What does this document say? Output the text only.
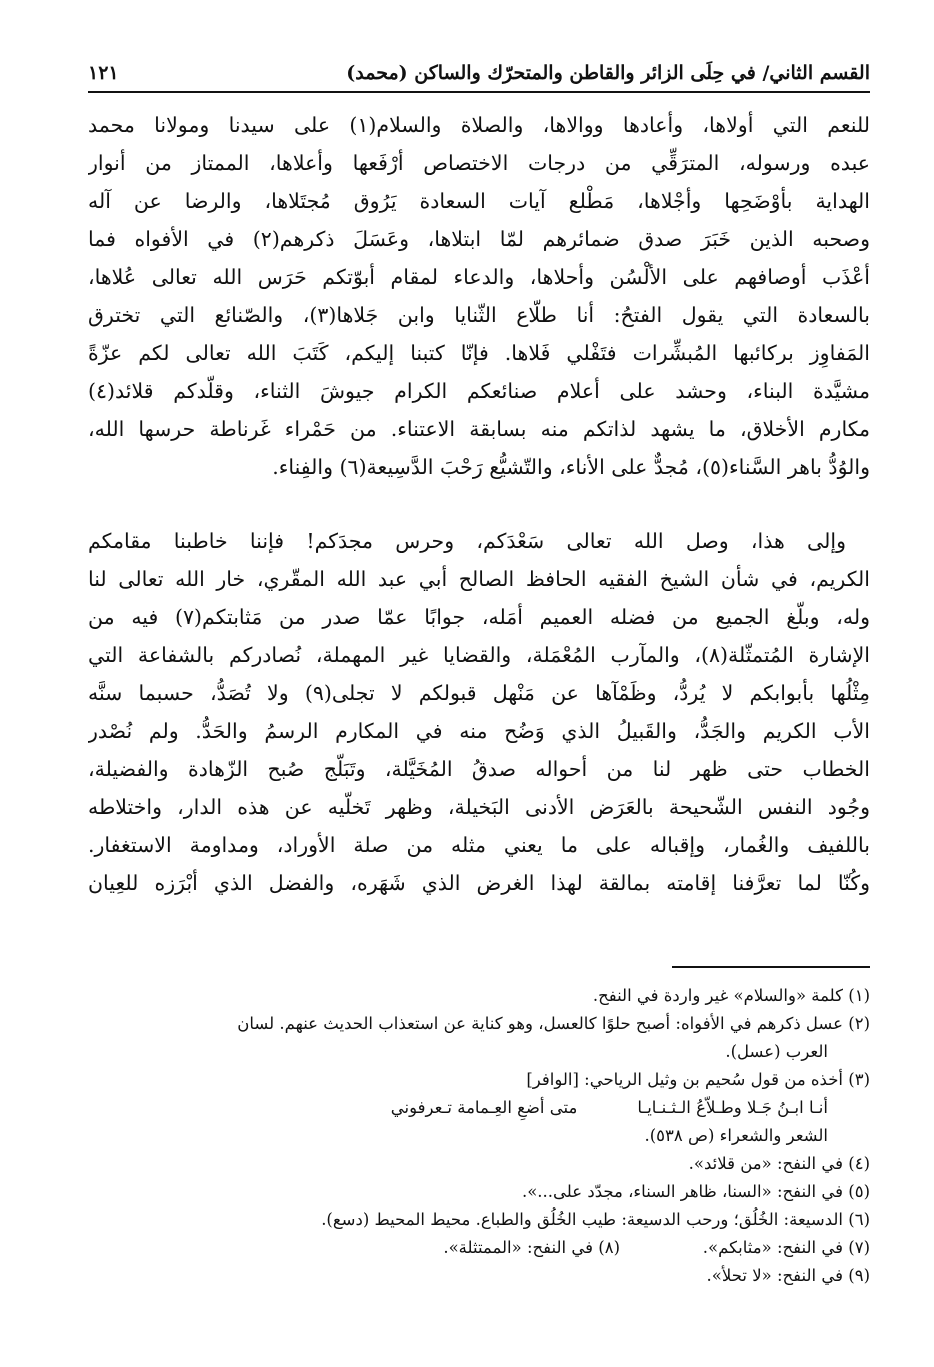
القسم الثاني/ في حِلَى الزائر والقاطن والمتحرّك والساكن (محمد)
١٢١
للنعم التي أولاها، وأعادها ووالاها، والصلاة والسلام(١) على سيدنا ومولانا محمد
عبده ورسوله، المترَقِّي من درجات الاختصاص أرْفَعها وأعلاها، الممتاز من أنوار
الهداية بأوْضَحِها وأجْلاها، مَطْلع آيات السعادة يَرُوق مُجتَلاها، والرضا عن آله
وصحبه الذين خَبَرَ صدق ضمائرهم لمّا ابتلاها، وعَسَلَ ذكرهم(٢) في الأفواه فما
أعْذَب أوصافهم على الألْسُن وأحلاها، والدعاء لمقام أبوّتكم حَرَس الله تعالى عُلاها،
بالسعادة التي يقول الفتحُ: أنا طلّاع الثّنايا وابن جَلاها(٣)، والصّنائع التي تخترق
المَفاوِز بركائبها المُبشِّرات فتَفْلي فَلاها. فإنّا كتبنا إليكم، كَتَبَ الله تعالى لكم عزّةً
مشيَّدة البناء، وحشد على أعلام صنائعكم الكرام جيوشَ الثناء، وقلّدكم قلائد(٤)
مكارم الأخلاق، ما يشهد لذاتكم منه بسابقة الاعتناء. من حَمْراء غَرناطة حرسها الله،
والوُدُّ باهر السَّناء(٥)، مُجدٌّ على الأناء، والتّشيُّع رَحْبَ الدَّسِيعة(٦) والفِناء.
وإلى هذا، وصل الله تعالى سَعْدَكم، وحرس مجدَكم! فإننا خاطبنا مقامكم
الكريم، في شأن الشيخ الفقيه الحافظ الصالح أبي عبد الله المقّري، خار الله تعالى لنا
وله، وبلّغ الجميع من فضله العميم أمَله، جوابًا عمّا صدر من مَثابتكم(٧) فيه من
الإشارة المُتمثّلة(٨)، والمآرب المُعْمَلة، والقضايا غير المهملة، نُصادركم بالشفاعة التي
مِثْلُها بأبوابكم لا يُردُّ، وظَمْآها عن مَنْهل قبولكم لا تجلى(٩) ولا تُصَدُّ، حسبما سنَّه
الأب الكريم والجَدُّ، والقَبيلُ الذي وَضُح منه في المكارم الرسمُ والحَدُّ. ولم نُصْدر
الخطاب حتى ظهر لنا من أحواله صدقُ المُخَيَّلة، وتَبَلّج صُبح الزّهادة والفضيلة،
وجُود النفس الشّحيحة بالعَرَض الأدنى البَخيلة، وظهر تَخلّيه عن هذه الدار، واختلاطه
باللفيف والغُمار، وإقباله على ما يعني مثله من صلة الأوراد، ومداومة الاستغفار.
وكُنّا لما تعرَّفنا إقامته بمالقة لهذا الغرض الذي شَهَره، والفضل الذي أبْرَزه للعِيان
(١) كلمة «والسلام» غير واردة في النفح.
(٢) عسل ذكرهم في الأفواه: أصبح حلوًا كالعسل، وهو كناية عن استعذاب الحديث عنهم. لسان
العرب (عسل).
(٣) أخذه من قول سُحيم بن وثيل الرياحي: [الوافر]
أنـا ابـنُ جَـلا وطـلاّعُ الـثـنـايـا
متى أضعِ العِـمامة تـعرفوني
الشعر والشعراء (ص ٥٣٨).
(٤) في النفح: «من قلائد».
(٥) في النفح: «السنا، ظاهر السناء، مجدّد على...».
(٦) الدسيعة: الخُلُق؛ ورحب الدسيعة: طيب الخُلُق والطباع. محيط المحيط (دسع).
(٧) في النفح: «مثابكم».
(٨) في النفح: «الممتثلة».
(٩) في النفح: «لا تحلأ».
